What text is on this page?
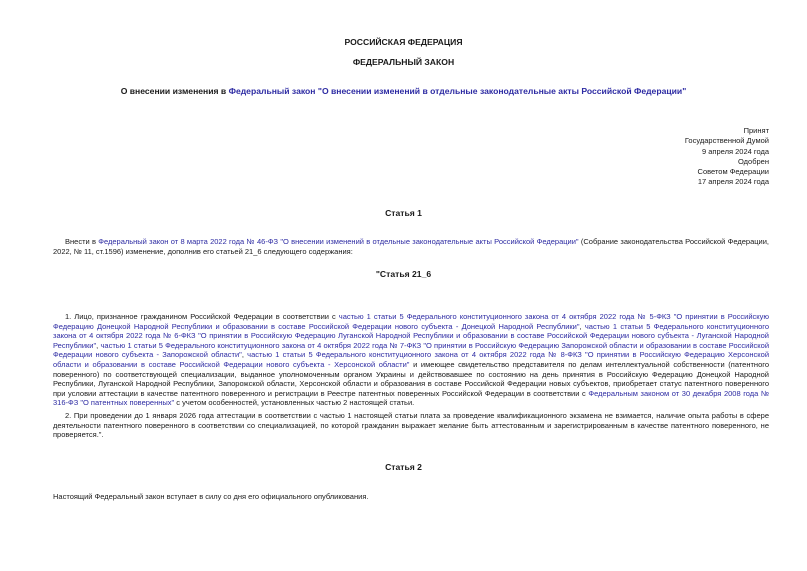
РОССИЙСКАЯ ФЕДЕРАЦИЯ
ФЕДЕРАЛЬНЫЙ ЗАКОН
О внесении изменения в Федеральный закон "О внесении изменений в отдельные законодательные акты Российской Федерации"
Принят
Государственной Думой
9 апреля 2024 года
Одобрен
Советом Федерации
17 апреля 2024 года
Статья 1
Внести в Федеральный закон от 8 марта 2022 года № 46-ФЗ "О внесении изменений в отдельные законодательные акты Российской Федерации" (Собрание законодательства Российской Федерации, 2022, № 11, ст.1596) изменение, дополнив его статьей 21_6 следующего содержания:
"Статья 21_6
1. Лицо, признанное гражданином Российской Федерации в соответствии с частью 1 статьи 5 Федерального конституционного закона от 4 октября 2022 года № 5-ФКЗ "О принятии в Российскую Федерацию Донецкой Народной Республики и образовании в составе Российской Федерации нового субъекта - Донецкой Народной Республики", частью 1 статьи 5 Федерального конституционного закона от 4 октября 2022 года № 6-ФКЗ "О принятии в Российскую Федерацию Луганской Народной Республики и образовании в составе Российской Федерации нового субъекта - Луганской Народной Республики", частью 1 статьи 5 Федерального конституционного закона от 4 октября 2022 года № 7-ФКЗ "О принятии в Российскую Федерацию Запорожской области и образовании в составе Российской Федерации нового субъекта - Запорожской области", частью 1 статьи 5 Федерального конституционного закона от 4 октября 2022 года № 8-ФКЗ "О принятии в Российскую Федерацию Херсонской области и образовании в составе Российской Федерации нового субъекта - Херсонской области" и имеющее свидетельство представителя по делам интеллектуальной собственности (патентного поверенного) по соответствующей специализации, выданное уполномоченным органом Украины и действовавшее по состоянию на день принятия в Российскую Федерацию Донецкой Народной Республики, Луганской Народной Республики, Запорожской области, Херсонской области и образования в составе Российской Федерации новых субъектов, приобретает статус патентного поверенного при условии аттестации в качестве патентного поверенного и регистрации в Реестре патентных поверенных Российской Федерации в соответствии с Федеральным законом от 30 декабря 2008 года № 316-ФЗ "О патентных поверенных" с учетом особенностей, установленных частью 2 настоящей статьи.
2. При проведении до 1 января 2026 года аттестации в соответствии с частью 1 настоящей статьи плата за проведение квалификационного экзамена не взимается, наличие опыта работы в сфере деятельности патентного поверенного в соответствии со специализацией, по которой гражданин выражает желание быть аттестованным и зарегистрированным в качестве патентного поверенного, не проверяется.".
Статья 2
Настоящий Федеральный закон вступает в силу со дня его официального опубликования.
